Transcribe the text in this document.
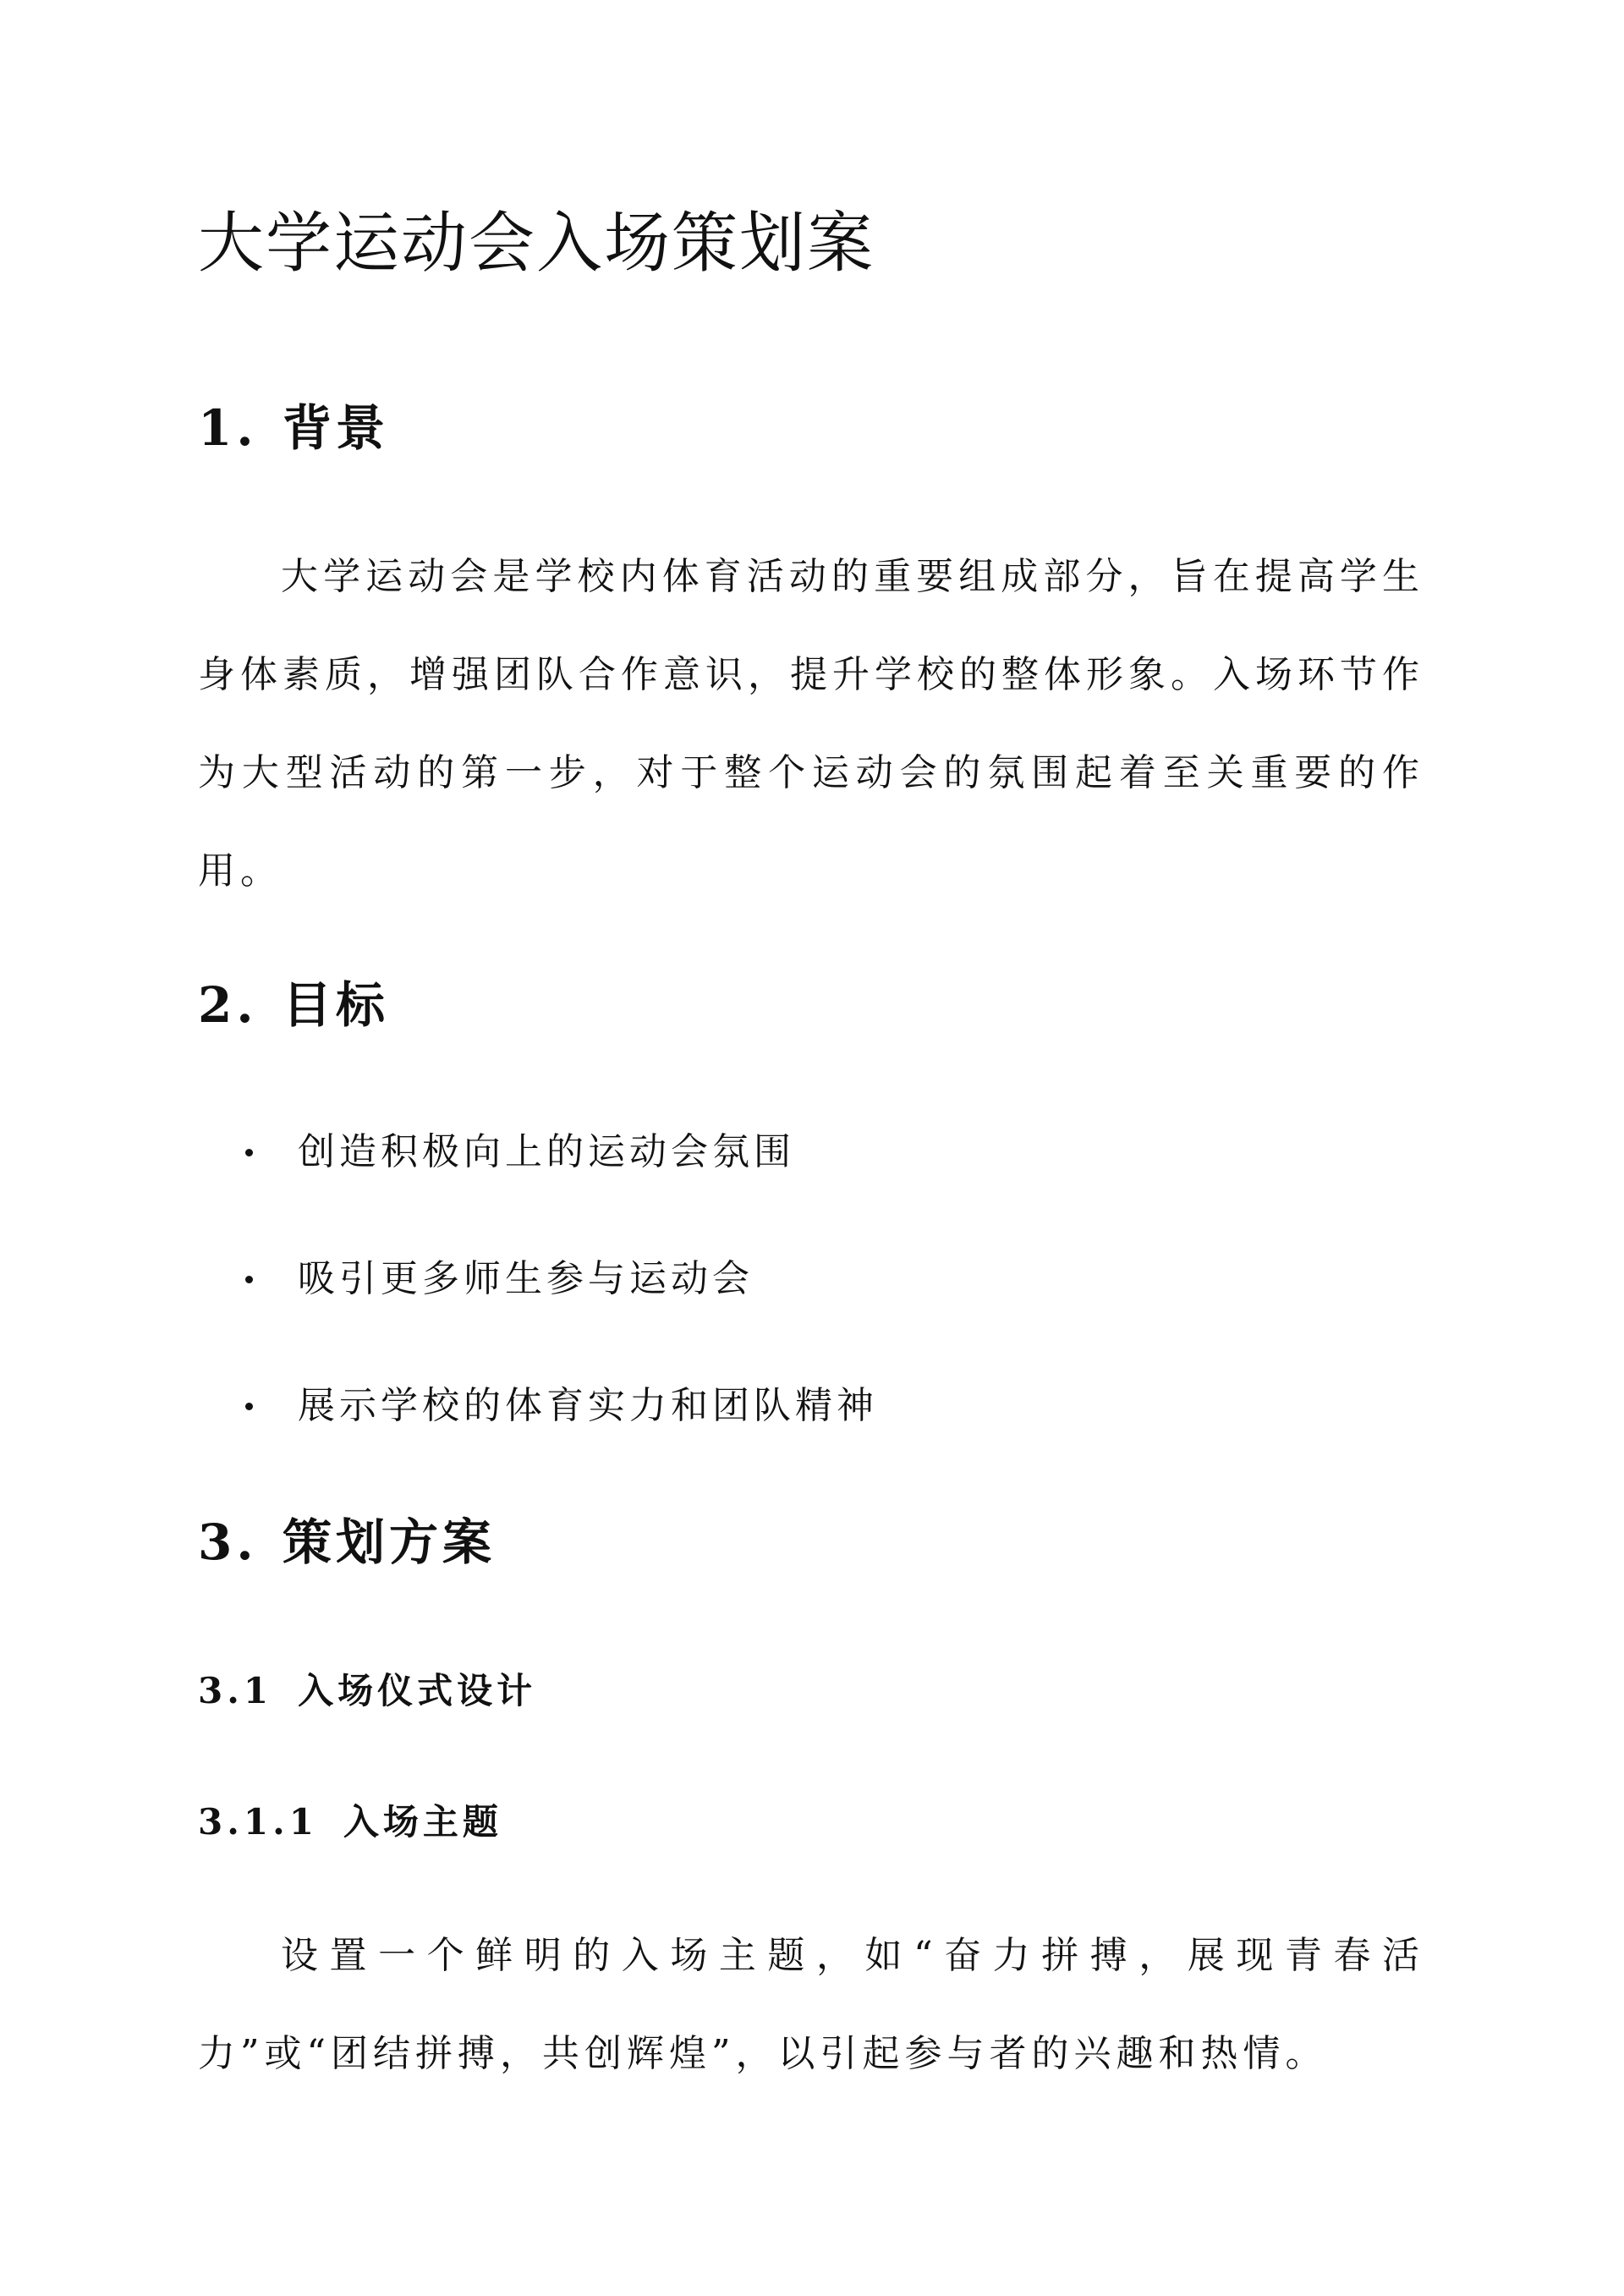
大学运动会入场策划案
1. 背景

大学运动会是学校内体育活动的重要组成部分，旨在提高学生身体素质，增强团队合作意识，提升学校的整体形象。入场环节作为大型活动的第一步，对于整个运动会的氛围起着至关重要的作用。

2. 目标
创造积极向上的运动会氛围
吸引更多师生参与运动会
展示学校的体育实力和团队精神
3. 策划方案
3.1 入场仪式设计
3.1.1 入场主题

设置一个鲜明的入场主题，如“奋力拼搏，展现青春活力”或“团结拼搏，共创辉煌”，以引起参与者的兴趣和热情。
